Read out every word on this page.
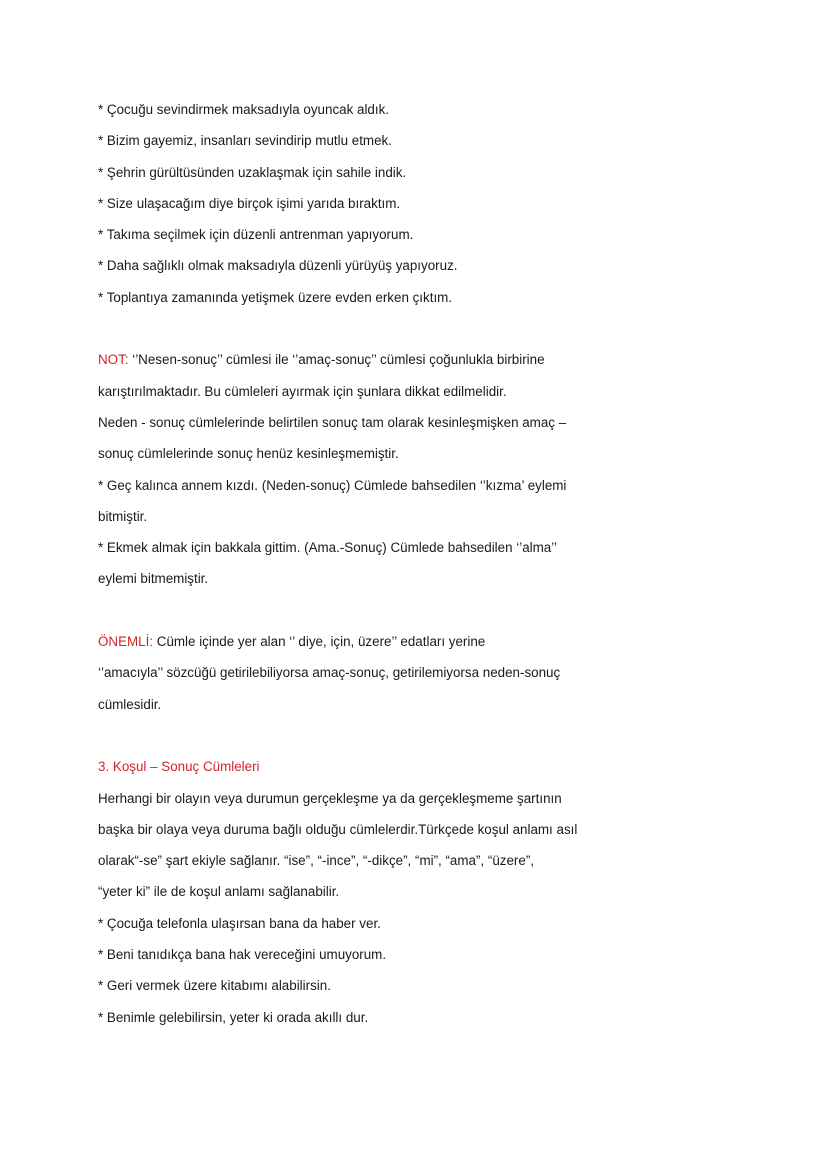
* Çocuğu sevindirmek maksadıyla oyuncak aldık.
* Bizim gayemiz, insanları sevindirip mutlu etmek.
* Şehrin gürültüsünden uzaklaşmak için sahile indik.
* Size ulaşacağım diye birçok işimi yarıda bıraktım.
* Takıma seçilmek için düzenli antrenman yapıyorum.
* Daha sağlıklı olmak maksadıyla düzenli yürüyüş yapıyoruz.
* Toplantıya zamanında yetişmek üzere evden erken çıktım.
NOT: ‘’Nesen-sonuç’’ cümlesi ile ‘’amaç-sonuç’’ cümlesi çoğunlukla birbirine
karıştırılmaktadır. Bu cümleleri ayırmak için şunlara dikkat edilmelidir.
Neden - sonuç cümlelerinde belirtilen sonuç tam olarak kesinleşmişken amaç –
sonuç cümlelerinde sonuç henüz kesinleşmemiştir.
* Geç kalınca annem kızdı. (Neden-sonuç) Cümlede bahsedilen ‘’kızma’ eylemi
bitmiştir.
* Ekmek almak için bakkala gittim. (Ama.-Sonuç) Cümlede bahsedilen ‘’alma’’
eylemi bitmemiştir.
ÖNEMLİ: Cümle içinde yer alan ‘’ diye, için, üzere’’ edatları yerine
‘’amacıyla’’ sözcüğü getirilebiliyorsa amaç-sonuç, getirilemiyorsa neden-sonuç
cümlesidir.
3. Koşul – Sonuç Cümleleri
Herhangi bir olayın veya durumun gerçekleşme ya da gerçekleşmeme şartının
başka bir olaya veya duruma bağlı olduğu cümlelerdir.Türkçede koşul anlamı asıl
olarak“-se” şart ekiyle sağlanır. “ise”, “-ince”, “-dikçe”, “mi”, “ama”, “üzere”,
“yeter ki” ile de koşul anlamı sağlanabilir.
* Çocuğa telefonla ulaşırsan bana da haber ver.
* Beni tanıdıkça bana hak vereceğini umuyorum.
* Geri vermek üzere kitabımı alabilirsin.
* Benimle gelebilirsin, yeter ki orada akıllı dur.
